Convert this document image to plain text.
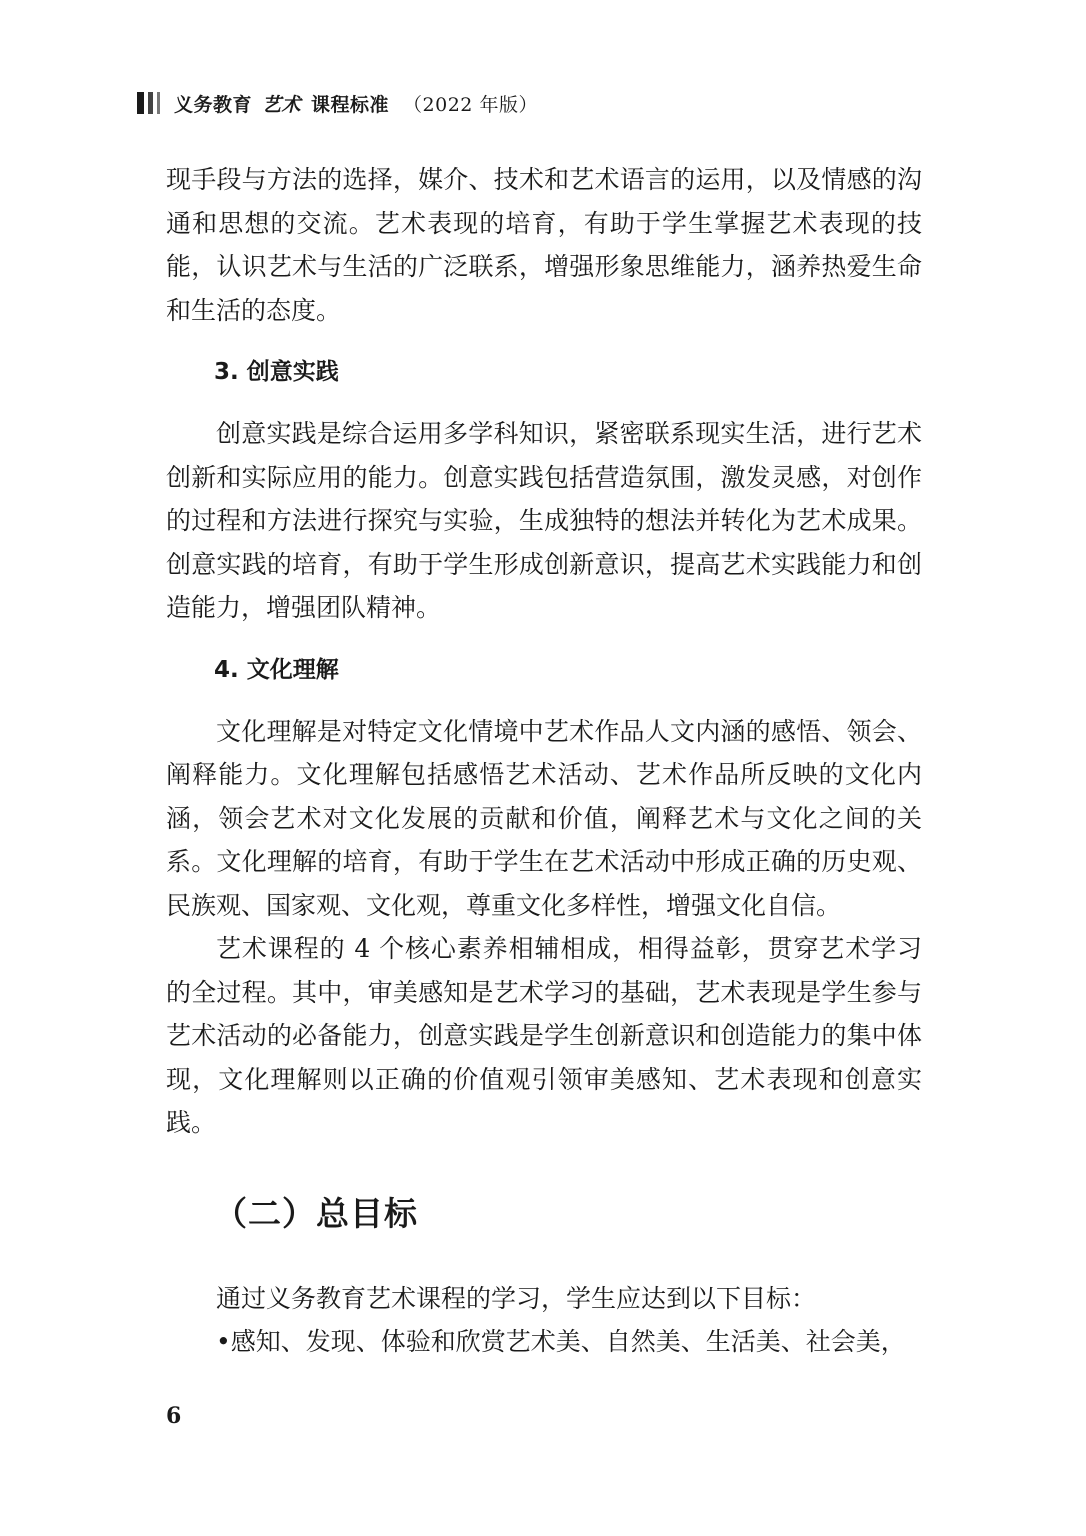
义务教育 艺术 课程标准 （2022 年版）

现手段与方法的选择，媒介、技术和艺术语言的运用，以及情感的沟通和思想的交流。艺术表现的培育，有助于学生掌握艺术表现的技能，认识艺术与生活的广泛联系，增强形象思维能力，涵养热爱生命和生活的态度。

3. 创意实践

创意实践是综合运用多学科知识，紧密联系现实生活，进行艺术创新和实际应用的能力。创意实践包括营造氛围，激发灵感，对创作的过程和方法进行探究与实验，生成独特的想法并转化为艺术成果。创意实践的培育，有助于学生形成创新意识，提高艺术实践能力和创造能力，增强团队精神。

4. 文化理解

文化理解是对特定文化情境中艺术作品人文内涵的感悟、领会、阐释能力。文化理解包括感悟艺术活动、艺术作品所反映的文化内涵，领会艺术对文化发展的贡献和价值，阐释艺术与文化之间的关系。文化理解的培育，有助于学生在艺术活动中形成正确的历史观、民族观、国家观、文化观，尊重文化多样性，增强文化自信。

艺术课程的 4 个核心素养相辅相成，相得益彰，贯穿艺术学习的全过程。其中，审美感知是艺术学习的基础，艺术表现是学生参与艺术活动的必备能力，创意实践是学生创新意识和创造能力的集中体现，文化理解则以正确的价值观引领审美感知、艺术表现和创意实践。

（二）总目标

通过义务教育艺术课程的学习，学生应达到以下目标：

•感知、发现、体验和欣赏艺术美、自然美、生活美、社会美，

6
